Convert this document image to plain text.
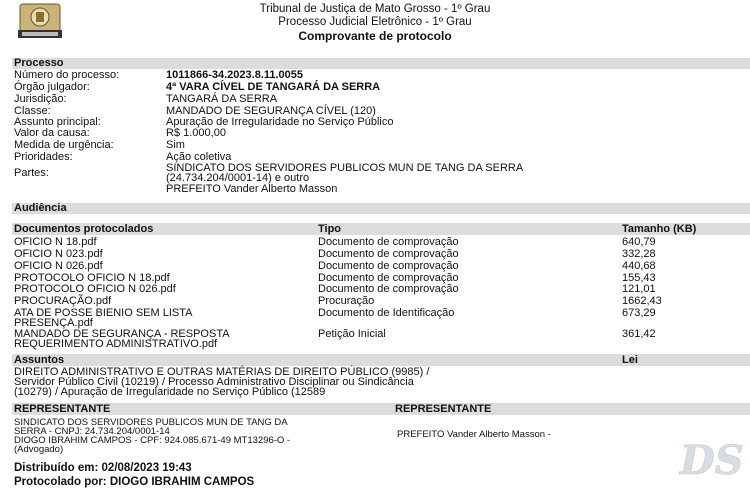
Tribunal de Justiça de Mato Grosso - 1º Grau
Processo Judicial Eletrônico - 1º Grau
Comprovante de protocolo
Processo
Número do processo:	1011866-34.2023.8.11.0055
Órgão julgador:	4ª VARA CÍVEL DE TANGARÁ DA SERRA
Jurisdição:	TANGARÁ DA SERRA
Classe:	MANDADO DE SEGURANÇA CÍVEL (120)
Assunto principal:	Apuração de Irregularidade no Serviço Público
Valor da causa:	R$ 1.000,00
Medida de urgência:	Sim
Prioridades:	Ação coletiva
Partes:	SINDICATO DOS SERVIDORES PUBLICOS MUN DE TANG DA SERRA
(24.734.204/0001-14) e outro
PREFEITO Vander Alberto Masson
Audiência
Documentos protocolados	Tipo	Tamanho (KB)
OFICIO N 18.pdf	Documento de comprovação	640,79
OFICIO N 023.pdf	Documento de comprovação	332,28
OFICIO N 026.pdf	Documento de comprovação	440,68
PROTOCOLO OFICIO N 18.pdf	Documento de comprovação	155,43
PROTOCOLO OFICIO N 026.pdf	Documento de comprovação	121,01
PROCURAÇÃO.pdf	Procuração	1662,43
ATA DE POSSE BIENIO SEM LISTA
PRESENÇA.pdf
Documento de Identificação	673,29
MANDADO DE SEGURANÇA - RESPOSTA
REQUERIMENTO ADMINISTRATIVO.pdf
Petição Inicial	361,42
Assuntos	Lei
DIREITO ADMINISTRATIVO E OUTRAS MATÉRIAS DE DIREITO PÚBLICO (9985) /
Servidor Público Civil (10219) / Processo Administrativo Disciplinar ou Sindicância
(10279) / Apuração de Irregularidade no Serviço Público (12589
REPRESENTANTE	REPRESENTANTE
SINDICATO DOS SERVIDORES PUBLICOS MUN DE TANG DA
SERRA - CNPJ: 24.734.204/0001-14
DIOGO IBRAHIM CAMPOS - CPF: 924.085.671-49 MT13296-O -
(Advogado)
PREFEITO Vander Alberto Masson -
Distribuído em: 02/08/2023 19:43
Protocolado por: DIOGO IBRAHIM CAMPOS	DS
